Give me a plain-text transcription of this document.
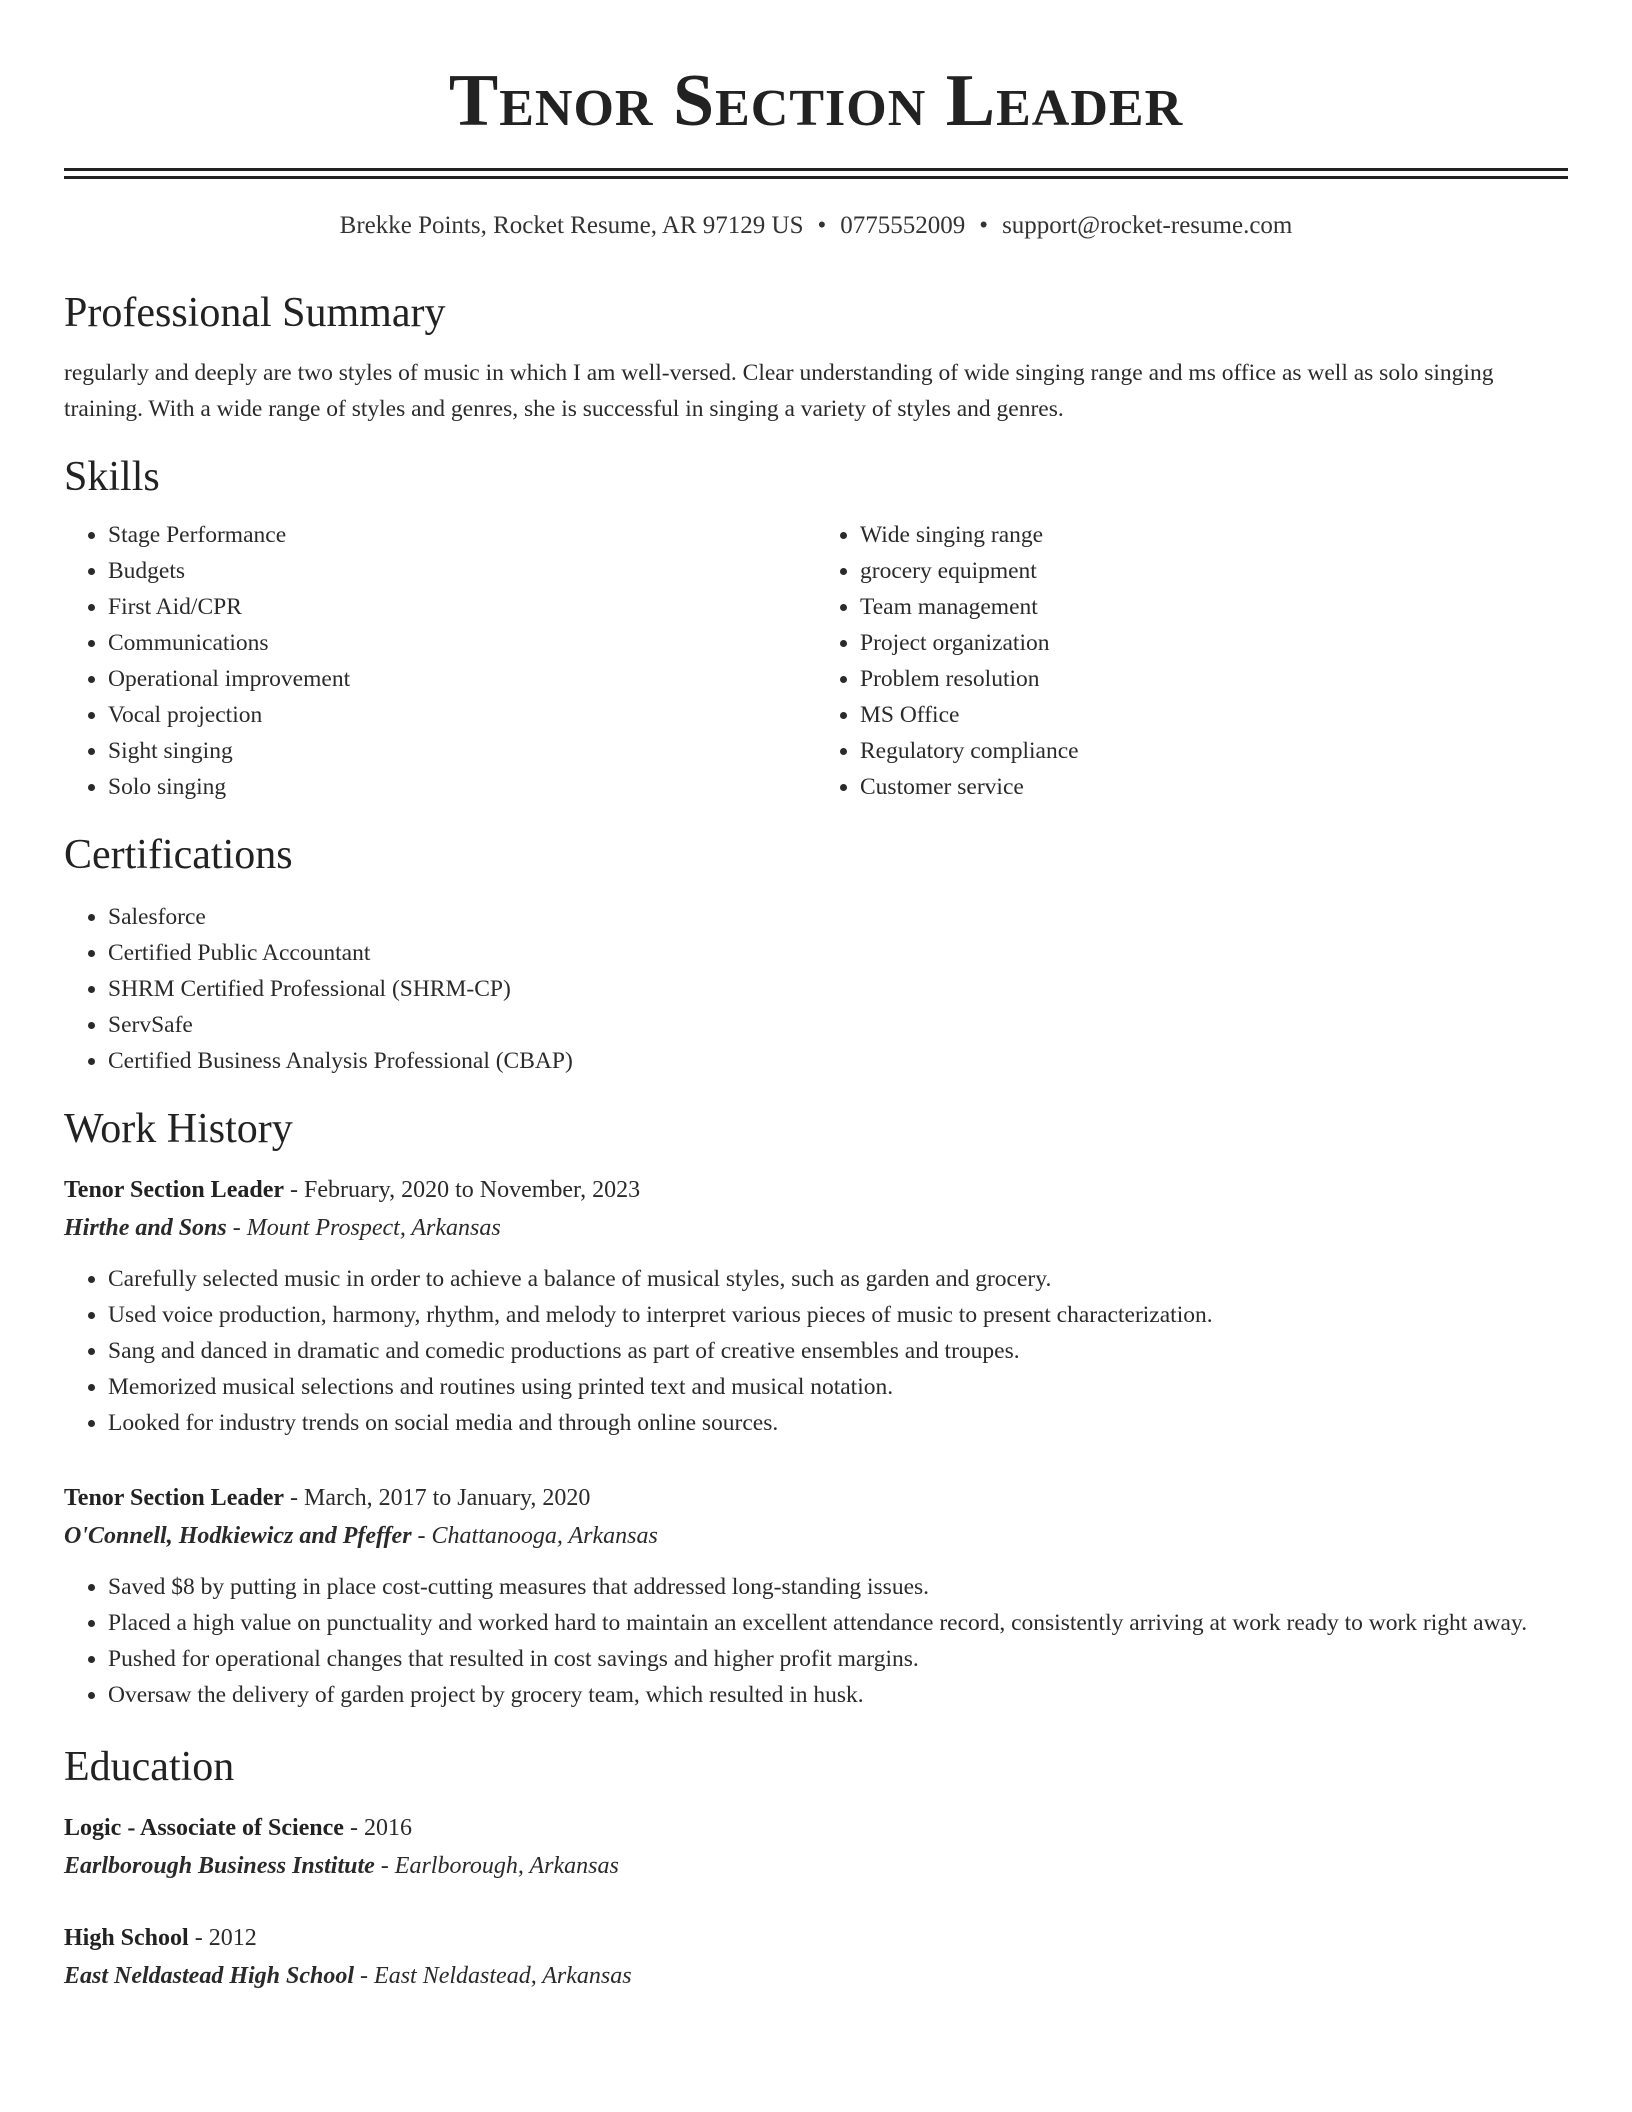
Tenor Section Leader
Brekke Points, Rocket Resume, AR 97129 US • 0775552009 • support@rocket-resume.com
Professional Summary

regularly and deeply are two styles of music in which I am well-versed. Clear understanding of wide singing range and ms office as well as solo singing training. With a wide range of styles and genres, she is successful in singing a variety of styles and genres.

Skills
• Stage Performance
• Budgets
• First Aid/CPR
• Communications
• Operational improvement
• Vocal projection
• Sight singing
• Solo singing
• Wide singing range
• grocery equipment
• Team management
• Project organization
• Problem resolution
• MS Office
• Regulatory compliance
• Customer service
Certifications
• Salesforce
• Certified Public Accountant
• SHRM Certified Professional (SHRM-CP)
• ServSafe
• Certified Business Analysis Professional (CBAP)
Work History
Tenor Section Leader - February, 2020 to November, 2023
Hirthe and Sons - Mount Prospect, Arkansas
• Carefully selected music in order to achieve a balance of musical styles, such as garden and grocery.
• Used voice production, harmony, rhythm, and melody to interpret various pieces of music to present characterization.
• Sang and danced in dramatic and comedic productions as part of creative ensembles and troupes.
• Memorized musical selections and routines using printed text and musical notation.
• Looked for industry trends on social media and through online sources.
Tenor Section Leader - March, 2017 to January, 2020
O'Connell, Hodkiewicz and Pfeffer - Chattanooga, Arkansas
• Saved $8 by putting in place cost-cutting measures that addressed long-standing issues.
• Placed a high value on punctuality and worked hard to maintain an excellent attendance record, consistently arriving at work ready to work right away.
• Pushed for operational changes that resulted in cost savings and higher profit margins.
• Oversaw the delivery of garden project by grocery team, which resulted in husk.
Education
Logic - Associate of Science - 2016
Earlborough Business Institute - Earlborough, Arkansas
High School - 2012
East Neldastead High School - East Neldastead, Arkansas
